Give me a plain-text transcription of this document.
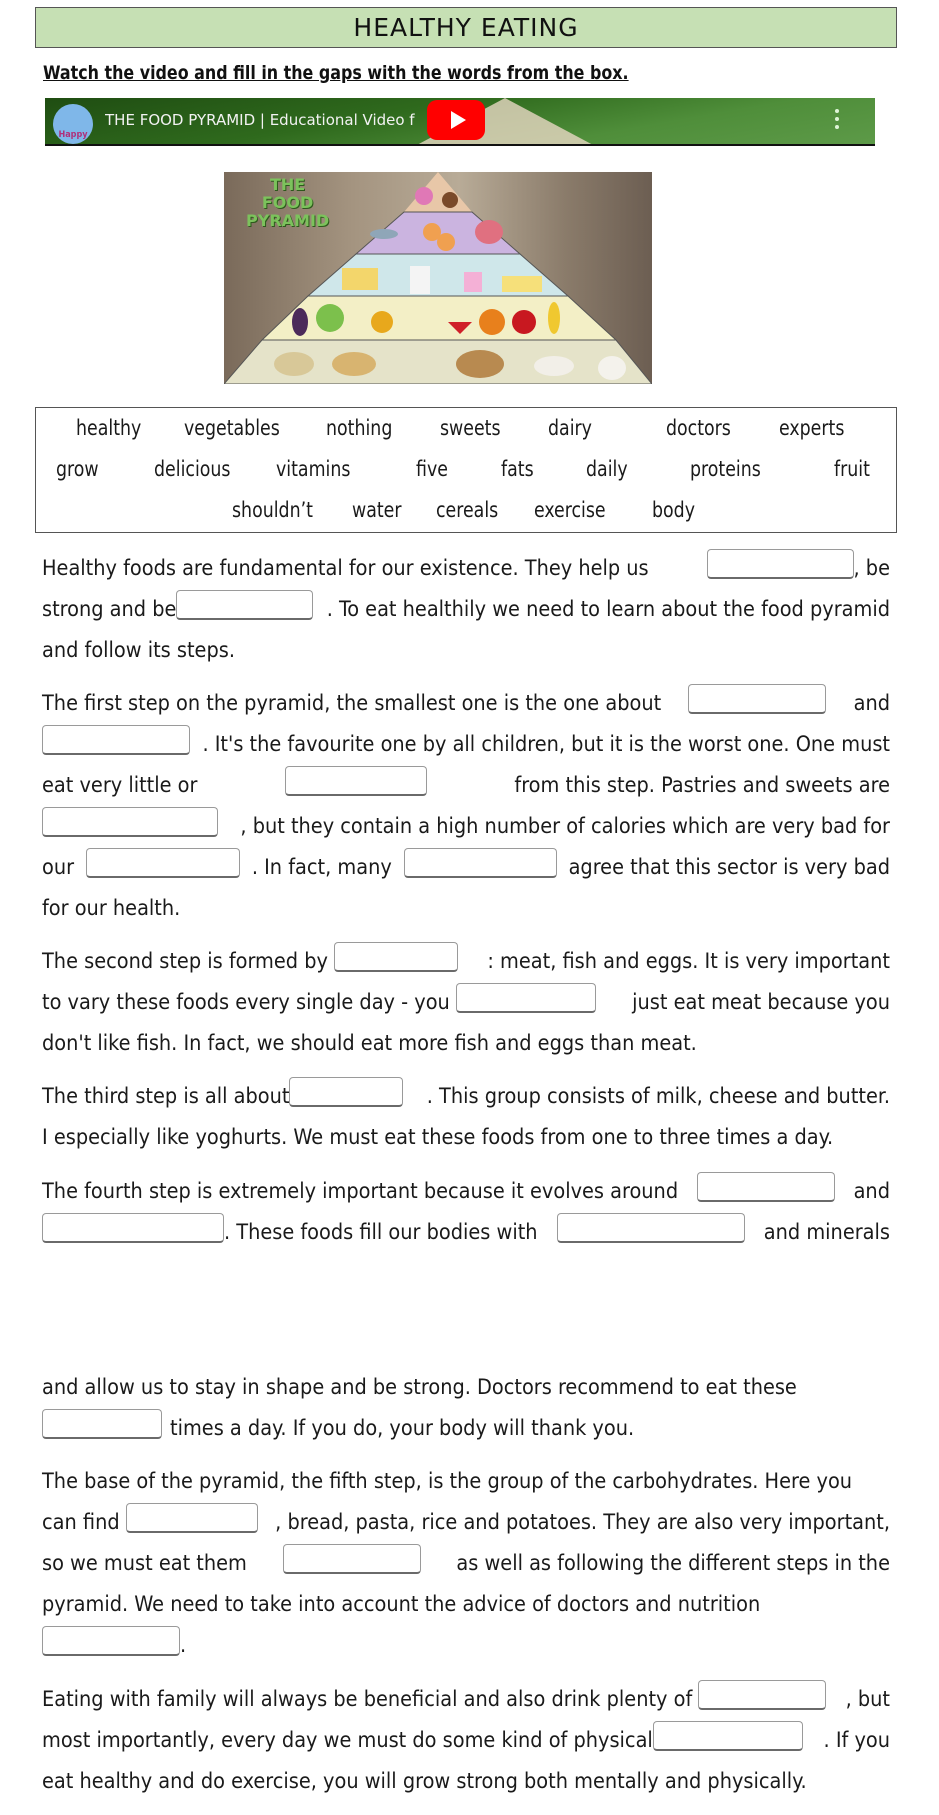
HEALTHY EATING
Watch the video and fill in the gaps with the words from the box.
Happy
THE FOOD PYRAMID | Educational Video f
THE
FOOD
PYRAMID
healthy vegetables nothing sweets dairy	doctors experts
grow	delicious vitamins	five	fats daily	proteins	fruit
shouldn’t water cereals exercise body
Healthy foods are fundamental for our existence. They help us	, be
strong and be	. To eat healthily we need to learn about the food pyramid
and follow its steps.
The first step on the pyramid, the smallest one is the one about	and
. It's the favourite one by all children, but it is the worst one. One must
eat very little or	from this step. Pastries and sweets are
, but they contain a high number of calories which are very bad for
our	. In fact, many	agree that this sector is very bad
for our health.
The second step is formed by	: meat, fish and eggs. It is very important
to vary these foods every single day - you	just eat meat because you
don't like fish. In fact, we should eat more fish and eggs than meat.
The third step is all about	. This group consists of milk, cheese and butter.
I especially like yoghurts. We must eat these foods from one to three times a day.
The fourth step is extremely important because it evolves around	and
. These foods fill our bodies with	and minerals
and allow us to stay in shape and be strong. Doctors recommend to eat these
times a day. If you do, your body will thank you.
The base of the pyramid, the fifth step, is the group of the carbohydrates. Here you
can find	, bread, pasta, rice and potatoes. They are also very important,
so we must eat them	as well as following the different steps in the
pyramid. We need to take into account the advice of doctors and nutrition
.
Eating with family will always be beneficial and also drink plenty of	, but
most importantly, every day we must do some kind of physical	. If you
eat healthy and do exercise, you will grow strong both mentally and physically.
